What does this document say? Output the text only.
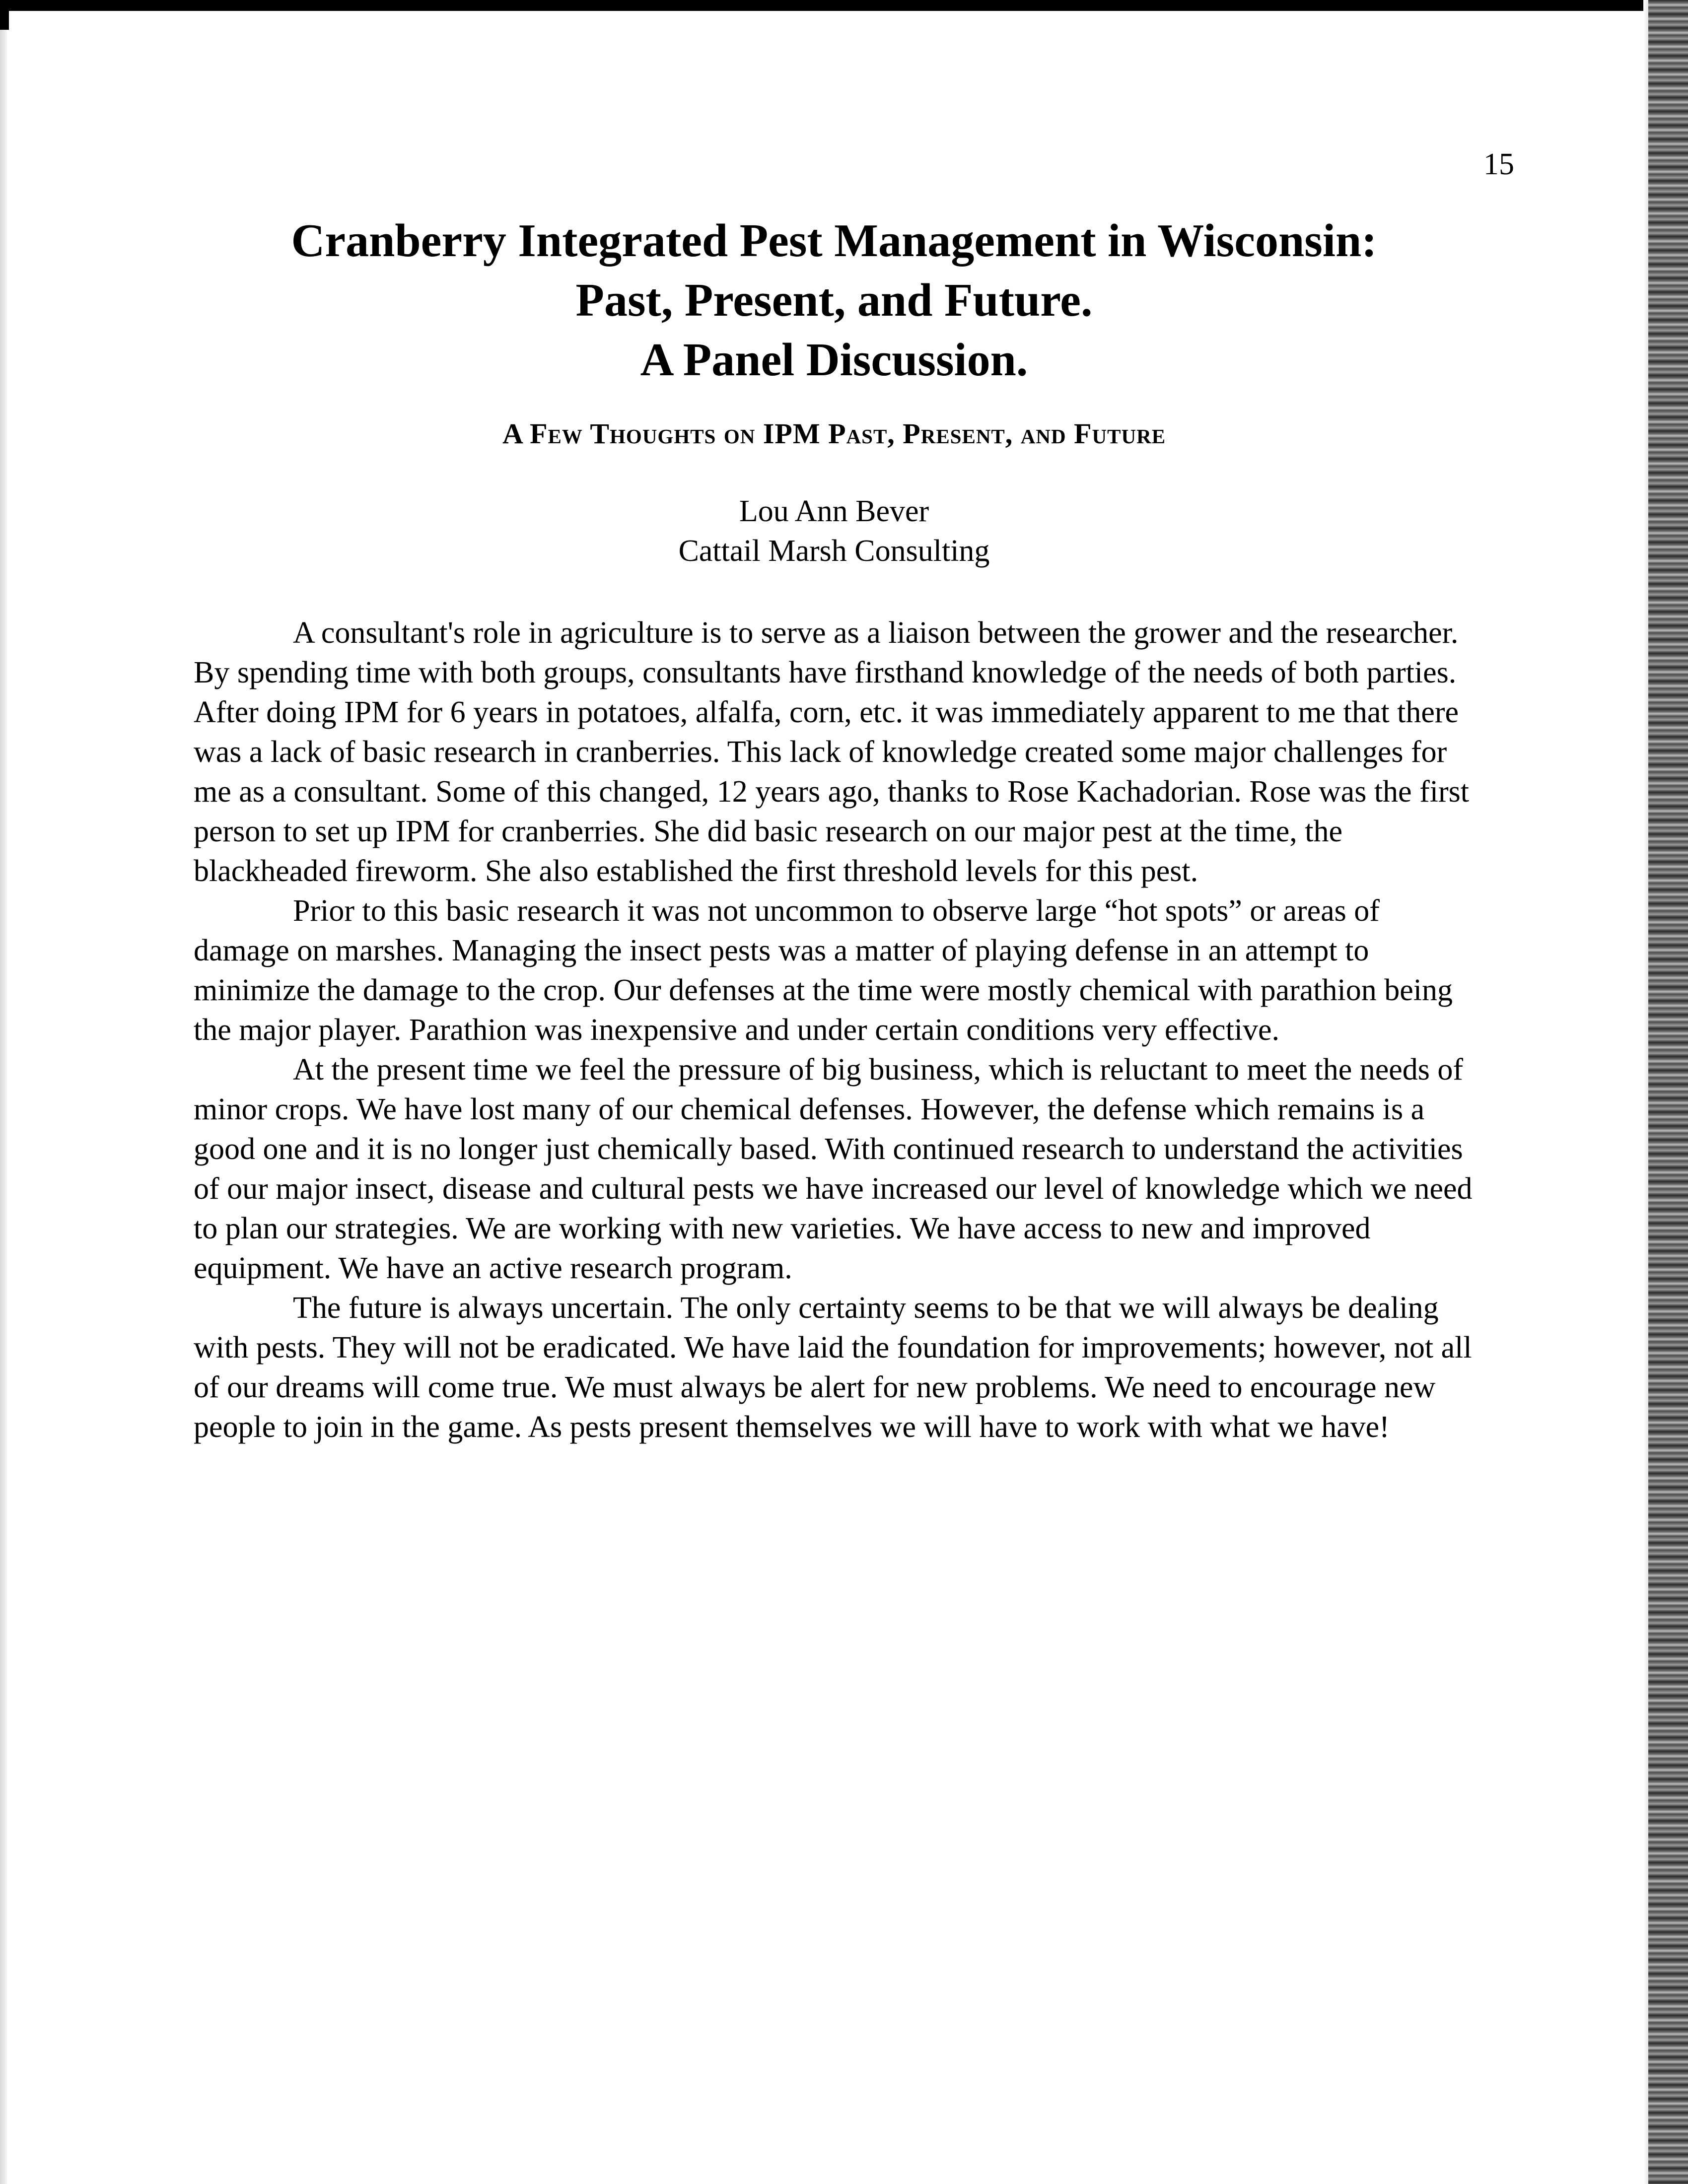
15
Cranberry Integrated Pest Management in Wisconsin:
Past, Present, and Future.
A Panel Discussion.
A Few Thoughts on IPM Past, Present, and Future
Lou Ann Bever
Cattail Marsh Consulting

A consultant's role in agriculture is to serve as a liaison between the grower and the researcher. By spending time with both groups, consultants have firsthand knowledge of the needs of both parties. After doing IPM for 6 years in potatoes, alfalfa, corn, etc. it was immediately apparent to me that there was a lack of basic research in cranberries. This lack of knowledge created some major challenges for me as a consultant. Some of this changed, 12 years ago, thanks to Rose Kachadorian. Rose was the first person to set up IPM for cranberries. She did basic research on our major pest at the time, the blackheaded fireworm. She also established the first threshold levels for this pest.

Prior to this basic research it was not uncommon to observe large “hot spots” or areas of damage on marshes. Managing the insect pests was a matter of playing defense in an attempt to minimize the damage to the crop. Our defenses at the time were mostly chemical with parathion being the major player. Parathion was inexpensive and under certain conditions very effective.

At the present time we feel the pressure of big business, which is reluctant to meet the needs of minor crops. We have lost many of our chemical defenses. However, the defense which remains is a good one and it is no longer just chemically based. With continued research to understand the activities of our major insect, disease and cultural pests we have increased our level of knowledge which we need to plan our strategies. We are working with new varieties. We have access to new and improved equipment. We have an active research program.

The future is always uncertain. The only certainty seems to be that we will always be dealing with pests. They will not be eradicated. We have laid the foundation for improvements; however, not all of our dreams will come true. We must always be alert for new problems. We need to encourage new people to join in the game. As pests present themselves we will have to work with what we have!
